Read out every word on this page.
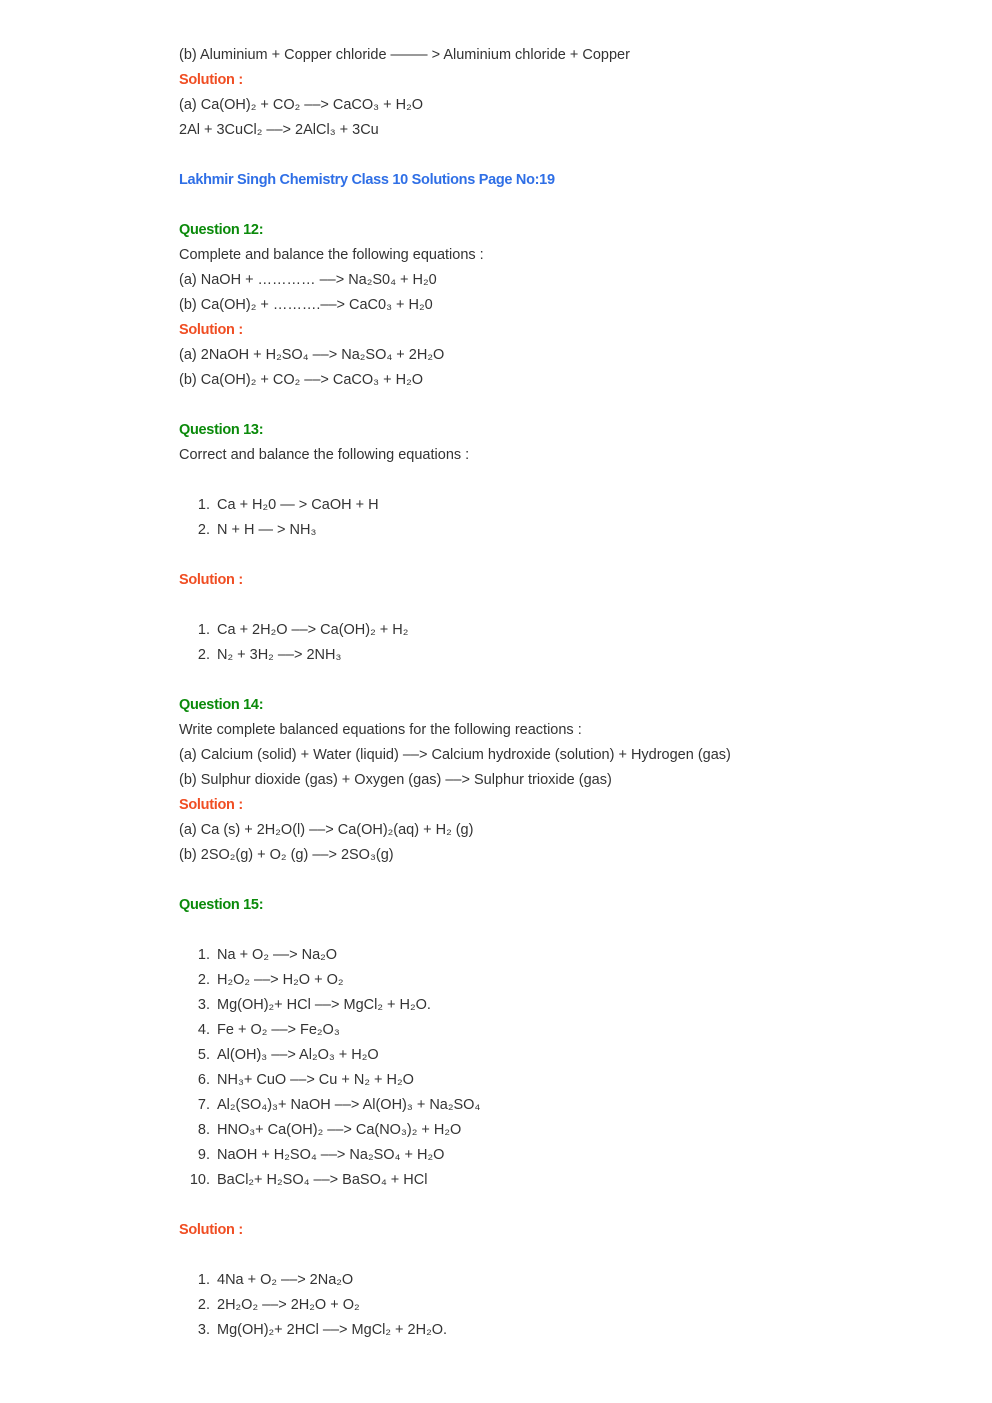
(b) Aluminium + Copper chloride ——– > Aluminium chloride + Copper
Solution :
(a) Ca(OH)₂ + CO₂ ––> CaCO₃ + H₂O
2Al + 3CuCl₂ ––> 2AlCl₃ + 3Cu
Lakhmir Singh Chemistry Class 10 Solutions Page No:19
Question 12:
Complete and balance the following equations :
(a) NaOH + ………… ––> Na₂S0₄ + H₂0
(b) Ca(OH)₂ + ……….––> CaC0₃ + H₂0
Solution :
(a) 2NaOH + H₂SO₄ ––> Na₂SO₄ + 2H₂O
(b) Ca(OH)₂ + CO₂ ––> CaCO₃ + H₂O
Question 13:
Correct and balance the following equations :
1. Ca + H₂0 — > CaOH + H
2. N + H — > NH₃
Solution :
1. Ca + 2H₂O ––> Ca(OH)₂ + H₂
2. N₂ + 3H₂ ––> 2NH₃
Question 14:
Write complete balanced equations for the following reactions :
(a) Calcium (solid) + Water (liquid) ––> Calcium hydroxide (solution) + Hydrogen (gas)
(b) Sulphur dioxide (gas) + Oxygen (gas) ––> Sulphur trioxide (gas)
Solution :
(a) Ca (s) + 2H₂O(l) ––> Ca(OH)₂(aq) + H₂ (g)
(b) 2SO₂(g) + O₂ (g) ––> 2SO₃(g)
Question 15:
1. Na + O₂ ––> Na₂O
2. H₂O₂ ––> H₂O + O₂
3. Mg(OH)₂+ HCl ––> MgCl₂ + H₂O.
4. Fe + O₂ ––> Fe₂O₃
5. Al(OH)₃ ––> Al₂O₃ + H₂O
6. NH₃+ CuO ––> Cu + N₂ + H₂O
7. Al₂(SO₄)₃+ NaOH ––> Al(OH)₃ + Na₂SO₄
8. HNO₃+ Ca(OH)₂ ––> Ca(NO₃)₂ + H₂O
9. NaOH + H₂SO₄ ––> Na₂SO₄ + H₂O
10. BaCl₂+ H₂SO₄ ––> BaSO₄ + HCl
Solution :
1. 4Na + O₂ ––> 2Na₂O
2. 2H₂O₂ ––> 2H₂O + O₂
3. Mg(OH)₂+ 2HCl ––> MgCl₂ + 2H₂O.
